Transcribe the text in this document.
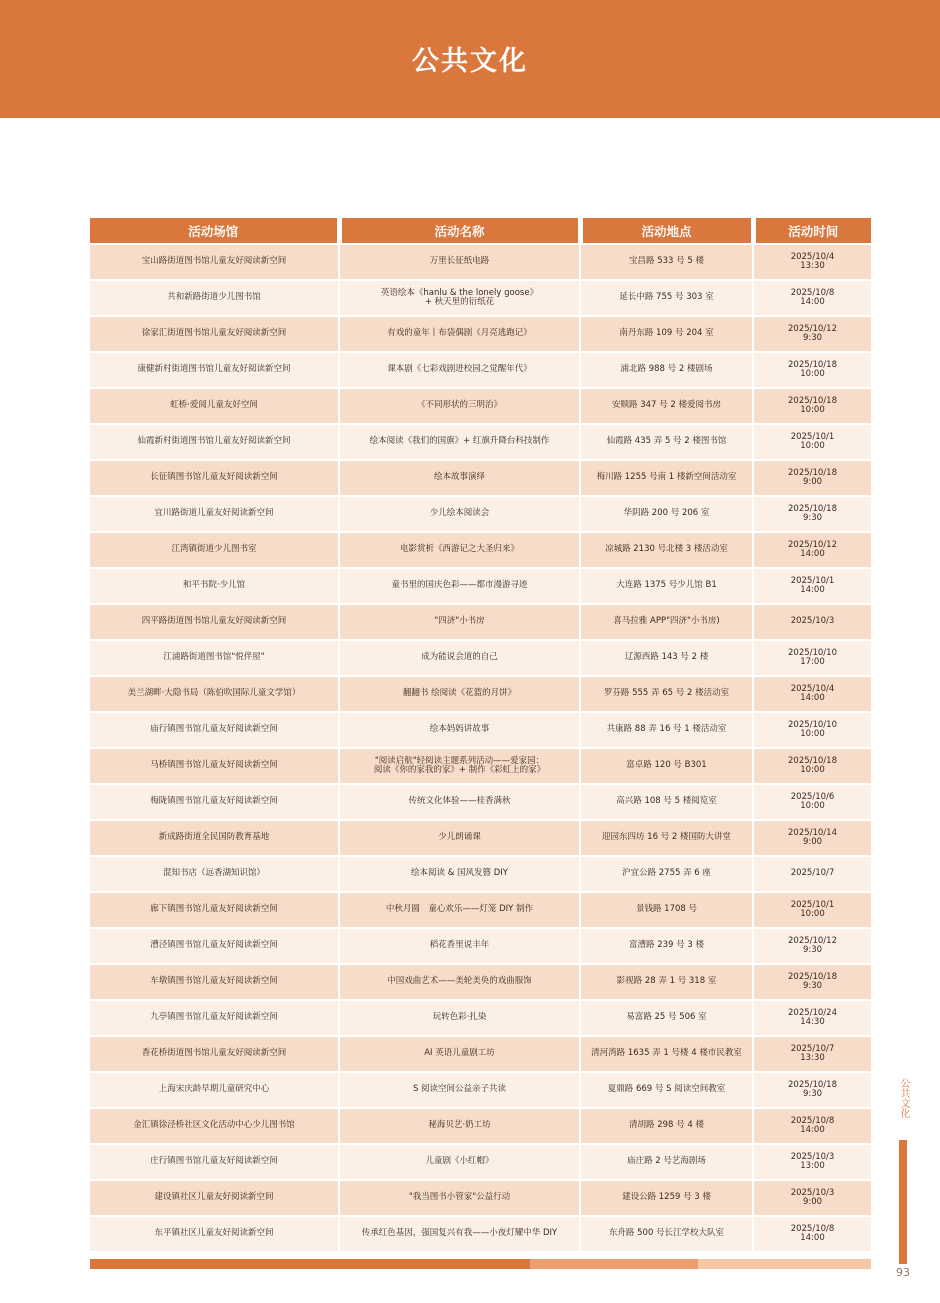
公共文化
活动场馆	活动名称	活动地点	活动时间
宝山路街道图书馆儿童友好阅读新空间	万里长征纸电路	宝昌路 533 号 5 楼	2025/10/4
13:30

共和新路街道少儿图书馆	英语绘本《hanlu & the lonely goose》
+ 秋天里的衍纸花	延长中路 755 号 303 室	2025/10/8
14:00

徐家汇街道图书馆儿童友好阅读新空间	有戏的童年丨布袋偶剧《月亮逃跑记》	南丹东路 109 号 204 室	2025/10/12
9:30

康健新村街道图书馆儿童友好阅读新空间	课本剧《七彩戏剧进校园之觉醒年代》	浦北路 988 号 2 楼剧场	2025/10/18
10:00

虹桥·爱阅儿童友好空间	《不同形状的三明治》	安顺路 347 号 2 楼爱阅书房	2025/10/18
10:00

仙霞新村街道图书馆儿童友好阅读新空间	绘本阅读《我们的国旗》+ 红旗升降台科技制作	仙霞路 435 弄 5 号 2 楼图书馆	2025/10/1
10:00

长征镇图书馆儿童友好阅读新空间	绘本故事演绎	梅川路 1255 号南 1 楼新空间活动室	2025/10/18
9:00

宜川路街道儿童友好阅读新空间	少儿绘本阅读会	华阴路 200 号 206 室	2025/10/18
9:30

江湾镇街道少儿图书室	电影赏析《西游记之大圣归来》	凉城路 2130 号北楼 3 楼活动室	2025/10/12
14:00

和平书院·少儿馆	童书里的国庆色彩——都市漫游寻迹	大连路 1375 号少儿馆 B1	2025/10/1
14:00

四平路街道图书馆儿童友好阅读新空间	"四济"小书房	喜马拉雅 APP"四济"小书房)	2025/10/3

江浦路街道图书馆"悦伴屋"	成为能说会道的自己	辽源西路 143 号 2 楼	2025/10/10
17:00

美兰湖畔·大隐书局（陈伯吹国际儿童文学馆）	翻翻书 绘阅读《花篮的月饼》	罗芬路 555 弄 65 号 2 楼活动室	2025/10/4
14:00

庙行镇图书馆儿童友好阅读新空间	绘本妈妈讲故事	共康路 88 弄 16 号 1 楼活动室	2025/10/10
10:00

马桥镇图书馆儿童友好阅读新空间	"阅读启航"轻阅读主题系列活动——爱家园：
阅读《你的家我的家》+ 制作《彩虹上的家》	富卓路 120 号 B301	2025/10/18
10:00

梅陇镇图书馆儿童友好阅读新空间	传统文化体验——桂香满秋	高兴路 108 号 5 楼阅览室	2025/10/6
10:00

新成路街道全民国防教育基地	少儿朗诵课	迎园东四坊 16 号 2 楼国防大讲堂	2025/10/14
9:00

混知书店（远香湖知识馆）	绘本阅读 & 国风发簪 DIY	沪宜公路 2755 弄 6 座	2025/10/7

廊下镇图书馆儿童友好阅读新空间	中秋月圆　童心欢乐——灯笼 DIY 制作	景钱路 1708 号	2025/10/1
10:00

漕泾镇图书馆儿童友好阅读新空间	稻花香里说丰年	富漕路 239 号 3 楼	2025/10/12
9:30

车墩镇图书馆儿童友好阅读新空间	中国戏曲艺术——美轮美奂的戏曲服饰	影视路 28 弄 1 号 318 室	2025/10/18
9:30

九亭镇图书馆儿童友好阅读新空间	玩转色彩·扎染	易富路 25 号 506 室	2025/10/24
14:30

香花桥街道图书馆儿童友好阅读新空间	AI 英语儿童剧工坊	清河湾路 1635 弄 1 号楼 4 楼市民教室	2025/10/7
13:30

上海宋庆龄早期儿童研究中心	S 阅读空间公益亲子共读	夏鼎路 669 号 S 阅读空间教室	2025/10/18
9:30

金汇镇徐泾桥社区文化活动中心少儿图书馆	秘海贝艺·奶工坊	清胡路 298 号 4 楼	2025/10/8
14:00

庄行镇图书馆儿童友好阅读新空间	儿童剧《小红帽》	庙庄路 2 号艺海剧场	2025/10/3
13:00

建设镇社区儿童友好阅读新空间	"我当图书小管家"公益行动	建设公路 1259 号 3 楼	2025/10/3
9:00

东平镇社区儿童友好阅读新空间	传承红色基因，强国复兴有我——小夜灯耀中华 DIY	东舟路 500 号长江学校大队室	2025/10/8
14:00
公共文化
93
